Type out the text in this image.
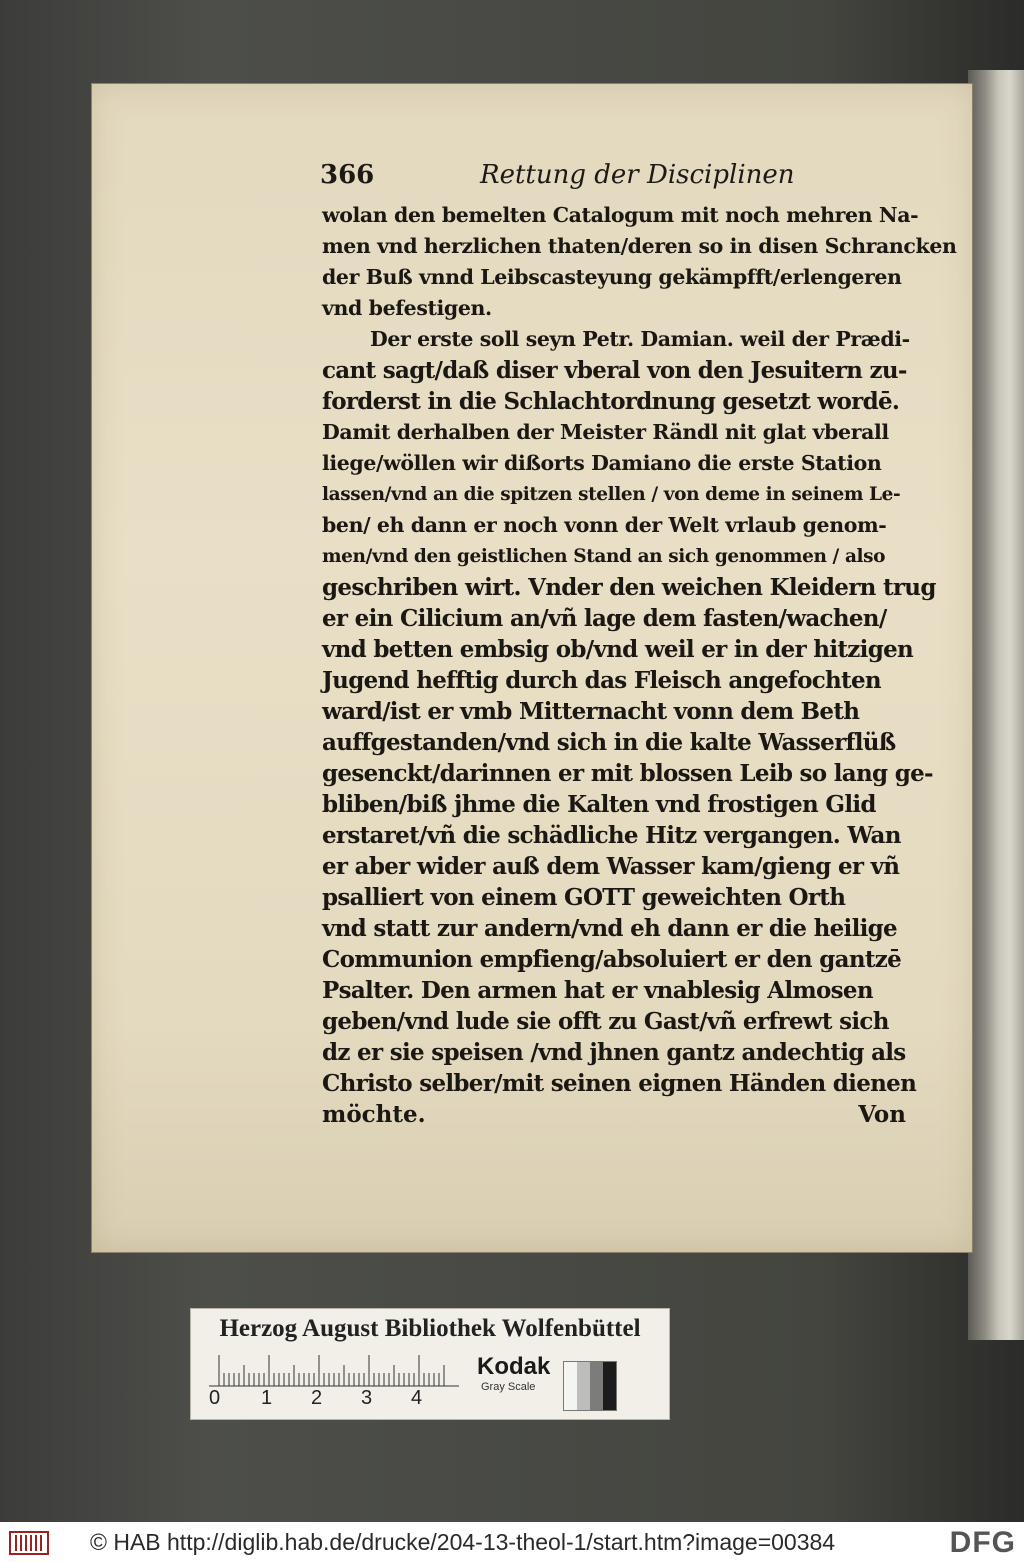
366	Rettung der Disciplinen
wolan den bemelten Catalogum mit noch mehren Na-
men vnd herzlichen thaten/deren so in disen Schrancken
der Buß vnnd Leibscasteyung gekämpfft/erlengeren
vnd befestigen.
Der erste soll seyn Petr. Damian. weil der Prædi-
cant sagt/daß diser vberal von den Jesuitern zu-
forderst in die Schlachtordnung gesetzt wordē.
Damit derhalben der Meister Rändl nit glat vberall
liege/wöllen wir dißorts Damiano die erste Station
lassen/vnd an die spitzen stellen / von deme in seinem Le-
ben/ eh dann er noch vonn der Welt vrlaub genom-
men/vnd den geistlichen Stand an sich genommen / also
geschriben wirt. Vnder den weichen Kleidern trug
er ein Cilicium an/vñ lage dem fasten/wachen/
vnd betten embsig ob/vnd weil er in der hitzigen
Jugend hefftig durch das Fleisch angefochten
ward/ist er vmb Mitternacht vonn dem Beth
auffgestanden/vnd sich in die kalte Wasserflüß
gesenckt/darinnen er mit blossen Leib so lang ge-
bliben/biß jhme die Kalten vnd frostigen Glid
erstaret/vñ die schädliche Hitz vergangen. Wan
er aber wider auß dem Wasser kam/gieng er vñ
psalliert von einem GOTT geweichten Orth
vnd statt zur andern/vnd eh dann er die heilige
Communion empfieng/absoluiert er den gantzē
Psalter. Den armen hat er vnablesig Almosen
geben/vnd lude sie offt zu Gast/vñ erfrewt sich
dz er sie speisen /vnd jhnen gantz andechtig als
Christo selber/mit seinen eignen Händen dienen
möchte.	Von
Herzog August Bibliothek Wolfenbüttel
0 1 2 3 4
Kodak
Gray Scale
© HAB http://diglib.hab.de/drucke/204-13-theol-1/start.htm?image=00384	DFG
